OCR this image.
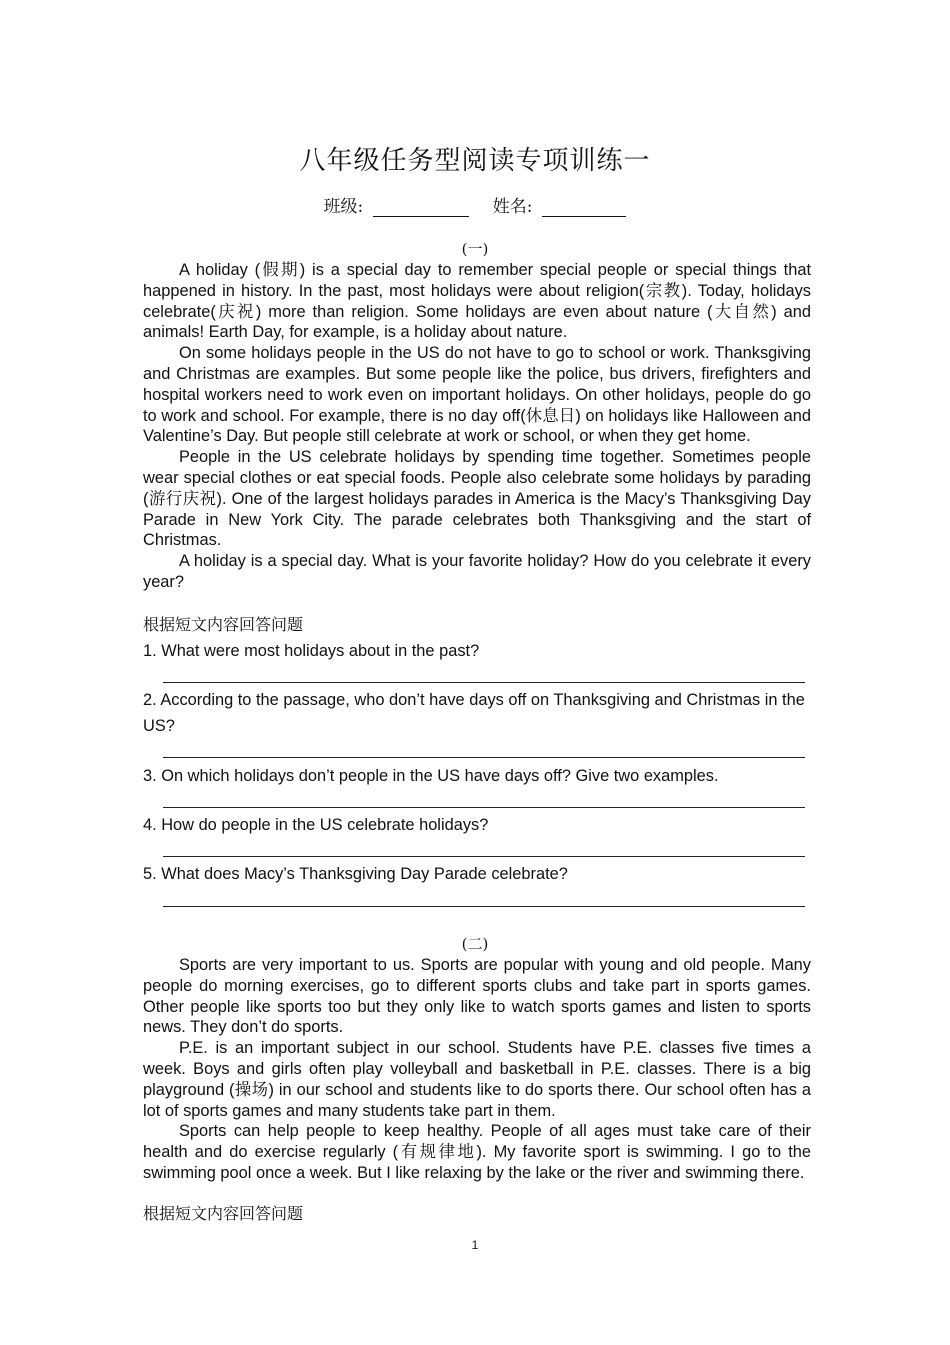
八年级任务型阅读专项训练一
班级:	姓名:
(一)

A holiday (假期) is a special day to remember special people or special things that happened in history. In the past, most holidays were about religion(宗教). Today, holidays celebrate(庆祝) more than religion. Some holidays are even about nature (大自然) and animals! Earth Day, for example, is a holiday about nature.

On some holidays people in the US do not have to go to school or work. Thanksgiving and Christmas are examples. But some people like the police, bus drivers, firefighters and hospital workers need to work even on important holidays. On other holidays, people do go to work and school. For example, there is no day off(休息日) on holidays like Halloween and Valentine’s Day. But people still celebrate at work or school, or when they get home.

People in the US celebrate holidays by spending time together. Sometimes people wear special clothes or eat special foods. People also celebrate some holidays by parading (游行庆祝). One of the largest holidays parades in America is the Macy’s Thanksgiving Day Parade in New York City. The parade celebrates both Thanksgiving and the start of Christmas.

A holiday is a special day. What is your favorite holiday? How do you celebrate it every year?

根据短文内容回答问题
1. What were most holidays about in the past?
2. According to the passage, who don’t have days off on Thanksgiving and Christmas in the US?
3. On which holidays don’t people in the US have days off? Give two examples.
4. How do people in the US celebrate holidays?
5. What does Macy’s Thanksgiving Day Parade celebrate?
(二)

Sports are very important to us. Sports are popular with young and old people. Many people do morning exercises, go to different sports clubs and take part in sports games. Other people like sports too but they only like to watch sports games and listen to sports news. They don’t do sports.

P.E. is an important subject in our school. Students have P.E. classes five times a week. Boys and girls often play volleyball and basketball in P.E. classes. There is a big playground (操场) in our school and students like to do sports there. Our school often has a lot of sports games and many students take part in them.

Sports can help people to keep healthy. People of all ages must take care of their health and do exercise regularly (有规律地). My favorite sport is swimming. I go to the swimming pool once a week. But I like relaxing by the lake or the river and swimming there.

根据短文内容回答问题
1
